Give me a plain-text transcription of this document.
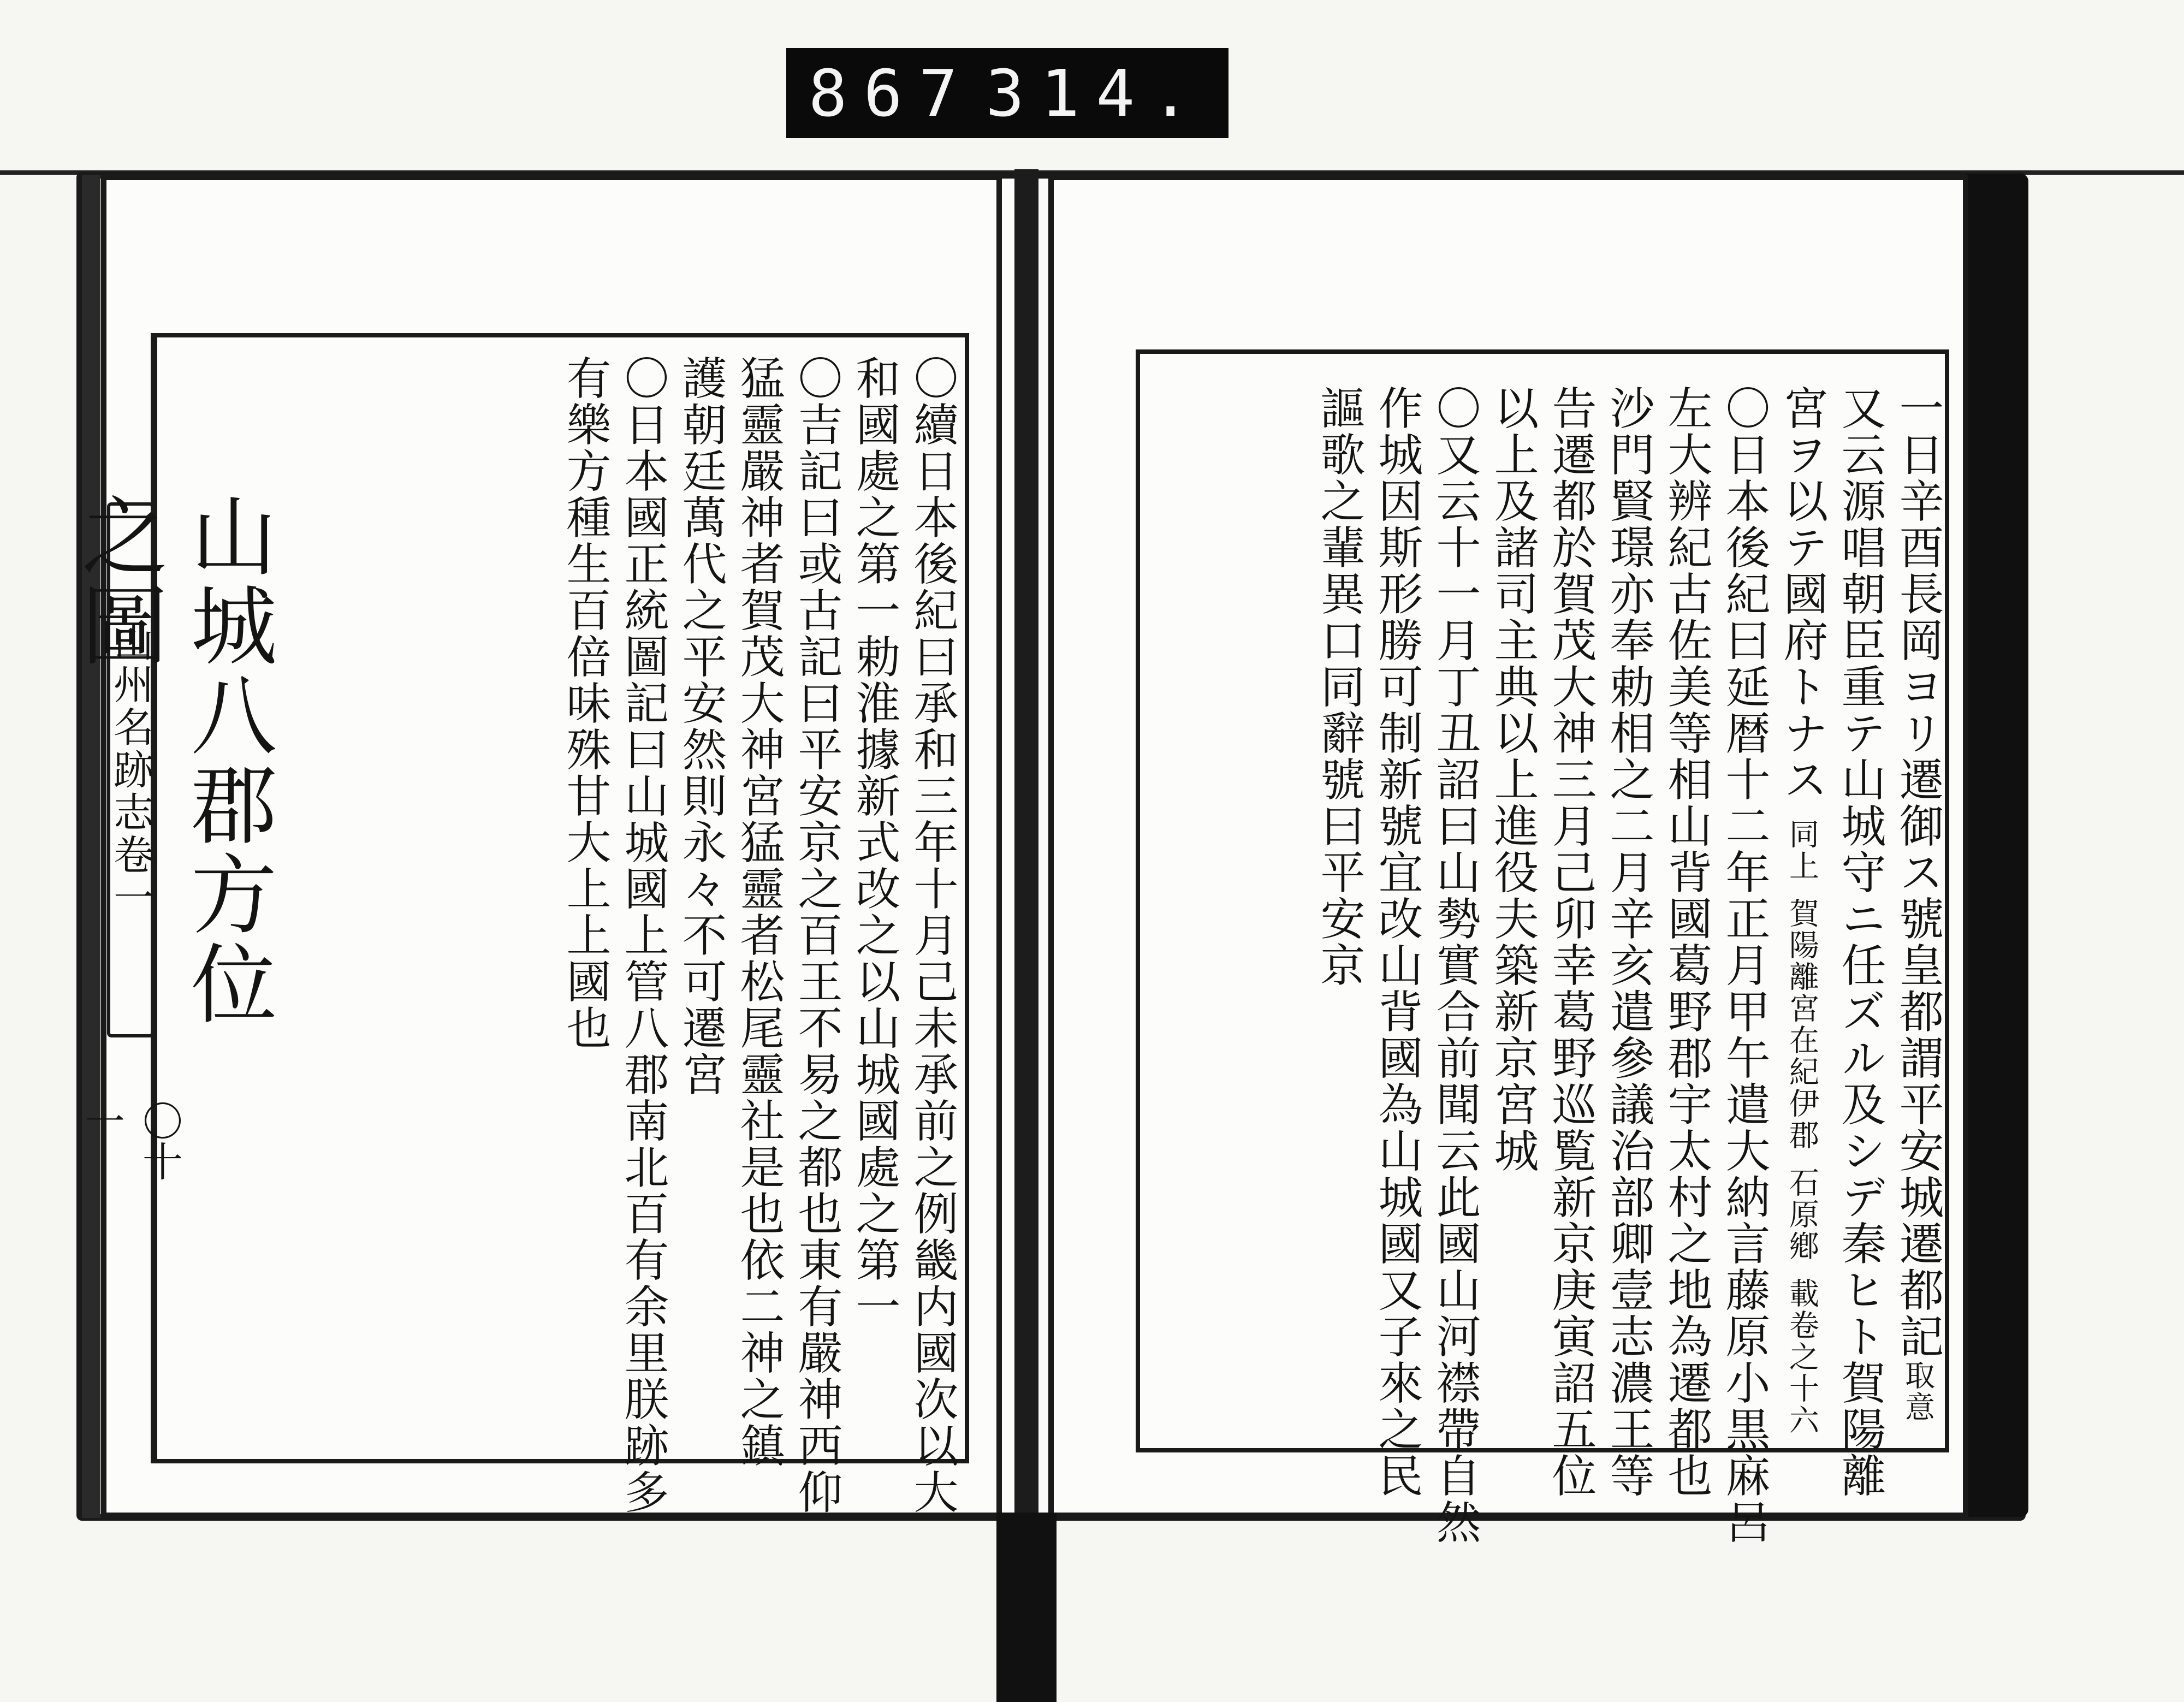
867 314.
山州名跡志卷一 山城八郡方位之圖	〇續日本後紀曰承和三年十月己未承前之例畿内國次以大
和國處之第一勅淮據新式改之以山城國處之第一
〇吉記曰或古記曰平安京之百王不易之都也東有嚴神西仰
猛靈嚴神者賀茂大神宮猛靈者松尾靈社是也依二神之鎮
護朝廷萬代之平安然則永々不可遷宮
〇日本國正統圖記曰山城國上管八郡南北百有余里朕跡多
有樂方種生百倍味殊甘大上上國也	一日辛酉長岡ヨリ遷御ス號皇都謂平安城遷都記取意
又云源唱朝臣重テ山城守ニ任ズル及シデ秦ヒト賀陽離
宮ヲ以テ國府トナス 同上 賀陽離宮在紀伊郡 石原鄕 載卷之十六
〇日本後紀曰延暦十二年正月甲午遣大納言藤原小黒麻呂
左大辨紀古佐美等相山背國葛野郡宇太村之地為遷都也
沙門賢璟亦奉勅相之二月辛亥遣參議治部卿壹志濃王等
告遷都於賀茂大神三月己卯幸葛野巡覧新京庚寅詔五位
以上及諸司主典以上進役夫築新京宮城
〇又云十一月丁丑詔曰山勢實合前聞云此國山河襟帶自然
作城因斯形勝可制新號宜改山背國為山城國又子來之民
謳歌之輩異口同辭號曰平安京
